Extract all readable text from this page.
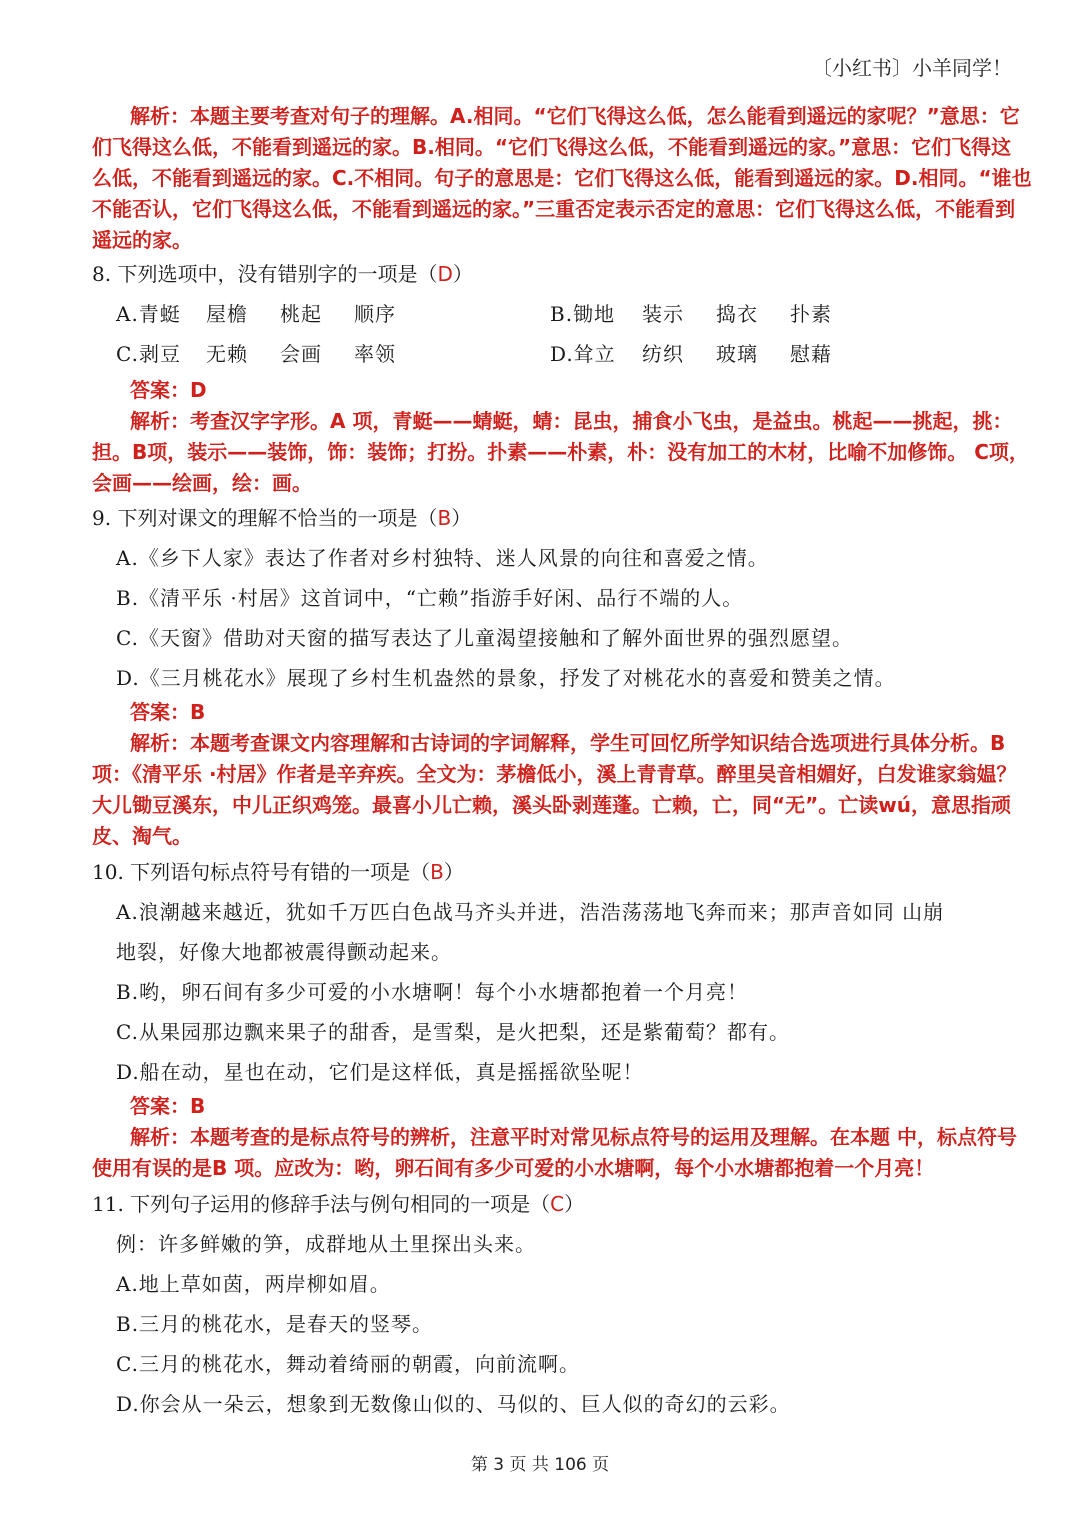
〔小红书〕小羊同学！
解析：本题主要考查对句子的理解。A.相同。“它们飞得这么低，怎么能看到遥远的家呢？”意思：它
们飞得这么低，不能看到遥远的家。B.相同。“它们飞得这么低，不能看到遥远的家。”意思：它们飞得这
么低，不能看到遥远的家。C.不相同。句子的意思是：它们飞得这么低，能看到遥远的家。D.相同。“谁也
不能否认，它们飞得这么低，不能看到遥远的家。”三重否定表示否定的意思：它们飞得这么低，不能看到
遥远的家。
8. 下列选项中，没有错别字的一项是（D）
A.青蜓 屋檐 桃起 顺序	B.锄地 装示 捣衣 扑素
C.剥豆 无赖 会画 率领	D.耸立 纺织 玻璃 慰藉
答案：D
解析：考查汉字字形。A 项，青蜓——蜻蜓，蜻：昆虫，捕食小飞虫，是益虫。桃起——挑起，挑：
担。B项，装示——装饰，饰：装饰；打扮。扑素——朴素，朴：没有加工的木材，比喻不加修饰。 C项，
会画——绘画，绘：画。
9. 下列对课文的理解不恰当的一项是（B）
A.《乡下人家》表达了作者对乡村独特、迷人风景的向往和喜爱之情。
B.《清平乐 ·村居》这首词中，“亡赖”指游手好闲、品行不端的人。
C.《天窗》借助对天窗的描写表达了儿童渴望接触和了解外面世界的强烈愿望。
D.《三月桃花水》展现了乡村生机盎然的景象，抒发了对桃花水的喜爱和赞美之情。
答案：B
解析：本题考查课文内容理解和古诗词的字词解释，学生可回忆所学知识结合选项进行具体分析。B
项：《清平乐 ·村居》作者是辛弃疾。全文为：茅檐低小，溪上青青草。醉里吴音相媚好，白发谁家翁媪？
大儿锄豆溪东，中儿正织鸡笼。最喜小儿亡赖，溪头卧剥莲蓬。亡赖，亡，同“无”。亡读wú，意思指顽
皮、淘气。
10. 下列语句标点符号有错的一项是（B）
A.浪潮越来越近，犹如千万匹白色战马齐头并进，浩浩荡荡地飞奔而来；那声音如同 山崩
地裂，好像大地都被震得颤动起来。
B.哟，卵石间有多少可爱的小水塘啊！每个小水塘都抱着一个月亮！
C.从果园那边飘来果子的甜香，是雪梨，是火把梨，还是紫葡萄？都有。
D.船在动，星也在动，它们是这样低，真是摇摇欲坠呢！
答案：B
解析：本题考查的是标点符号的辨析，注意平时对常见标点符号的运用及理解。在本题 中，标点符号
使用有误的是B 项。应改为：哟，卵石间有多少可爱的小水塘啊，每个小水塘都抱着一个月亮！
11. 下列句子运用的修辞手法与例句相同的一项是（C）
例：许多鲜嫩的笋，成群地从土里探出头来。
A.地上草如茵，两岸柳如眉。
B.三月的桃花水，是春天的竖琴。
C.三月的桃花水，舞动着绮丽的朝霞，向前流啊。
D.你会从一朵云，想象到无数像山似的、马似的、巨人似的奇幻的云彩。
第 3 页 共 106 页
